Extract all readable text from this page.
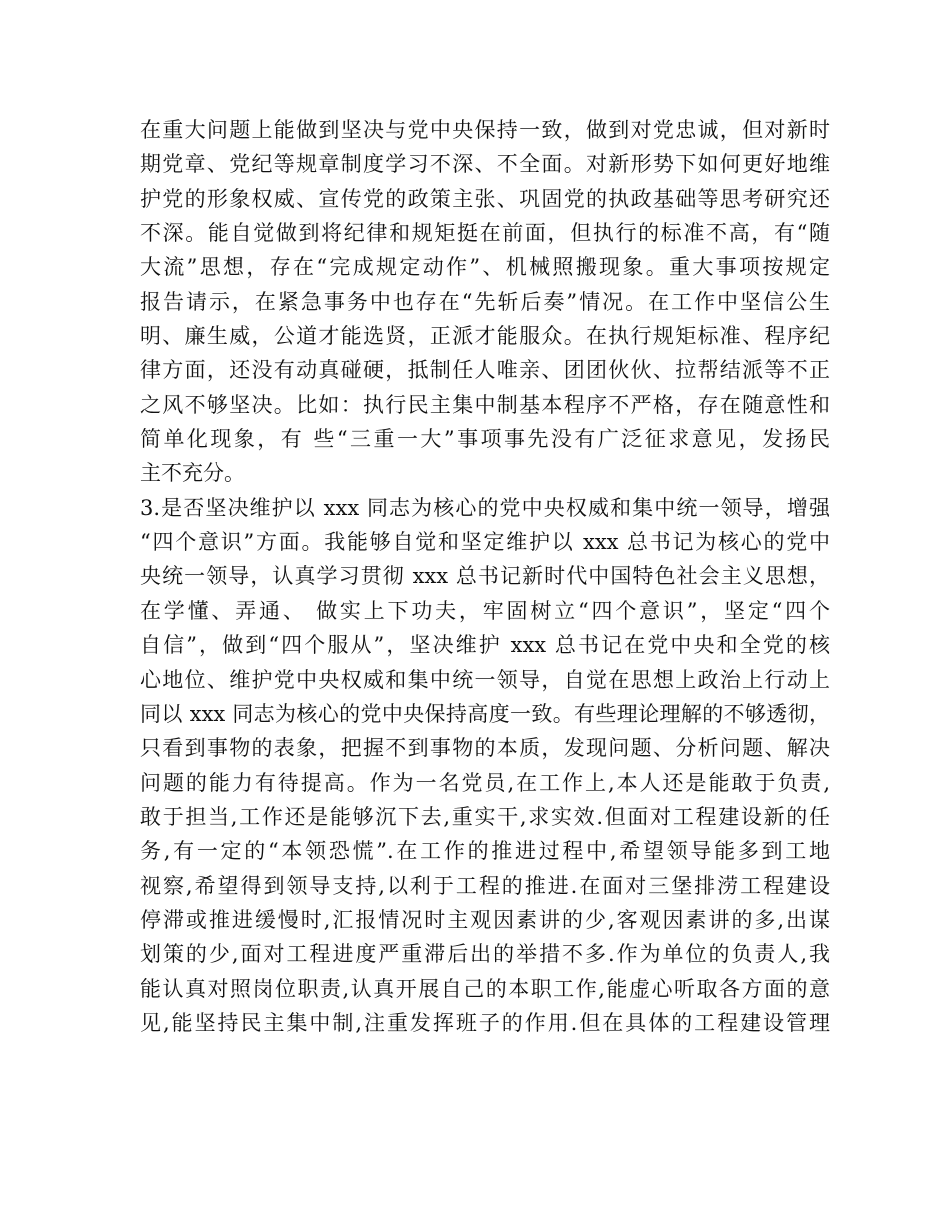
在重大问题上能做到坚决与党中央保持一致，做到对党忠诚，但对新时
期党章、党纪等规章制度学习不深、不全面。对新形势下如何更好地维
护党的形象权威、宣传党的政策主张、巩固党的执政基础等思考研究还
不深。能自觉做到将纪律和规矩挺在前面，但执行的标准不高，有“随
大流”思想，存在“完成规定动作”、机械照搬现象。重大事项按规定
报告请示，在紧急事务中也存在“先斩后奏”情况。在工作中坚信公生
明、廉生威，公道才能选贤，正派才能服众。在执行规矩标准、程序纪
律方面，还没有动真碰硬，抵制任人唯亲、团团伙伙、拉帮结派等不正
之风不够坚决。比如：执行民主集中制基本程序不严格，存在随意性和
简单化现象，有 些“三重一大”事项事先没有广泛征求意见，发扬民
主不充分。
3.是否坚决维护以 xxx 同志为核心的党中央权威和集中统一领导，增强
“四个意识”方面。我能够自觉和坚定维护以 xxx 总书记为核心的党中
央统一领导，认真学习贯彻 xxx 总书记新时代中国特色社会主义思想，
在学懂、弄通、 做实上下功夫，牢固树立“四个意识”，坚定“四个
自信”，做到“四个服从”，坚决维护 xxx 总书记在党中央和全党的核
心地位、维护党中央权威和集中统一领导，自觉在思想上政治上行动上
同以 xxx 同志为核心的党中央保持高度一致。有些理论理解的不够透彻，
只看到事物的表象，把握不到事物的本质，发现问题、分析问题、解决
问题的能力有待提高。作为一名党员,在工作上,本人还是能敢于负责,
敢于担当,工作还是能够沉下去,重实干,求实效.但面对工程建设新的任
务,有一定的“本领恐慌”.在工作的推进过程中,希望领导能多到工地
视察,希望得到领导支持,以利于工程的推进.在面对三堡排涝工程建设
停滞或推进缓慢时,汇报情况时主观因素讲的少,客观因素讲的多,出谋
划策的少,面对工程进度严重滞后出的举措不多.作为单位的负责人,我
能认真对照岗位职责,认真开展自己的本职工作,能虚心听取各方面的意
见,能坚持民主集中制,注重发挥班子的作用.但在具体的工程建设管理
